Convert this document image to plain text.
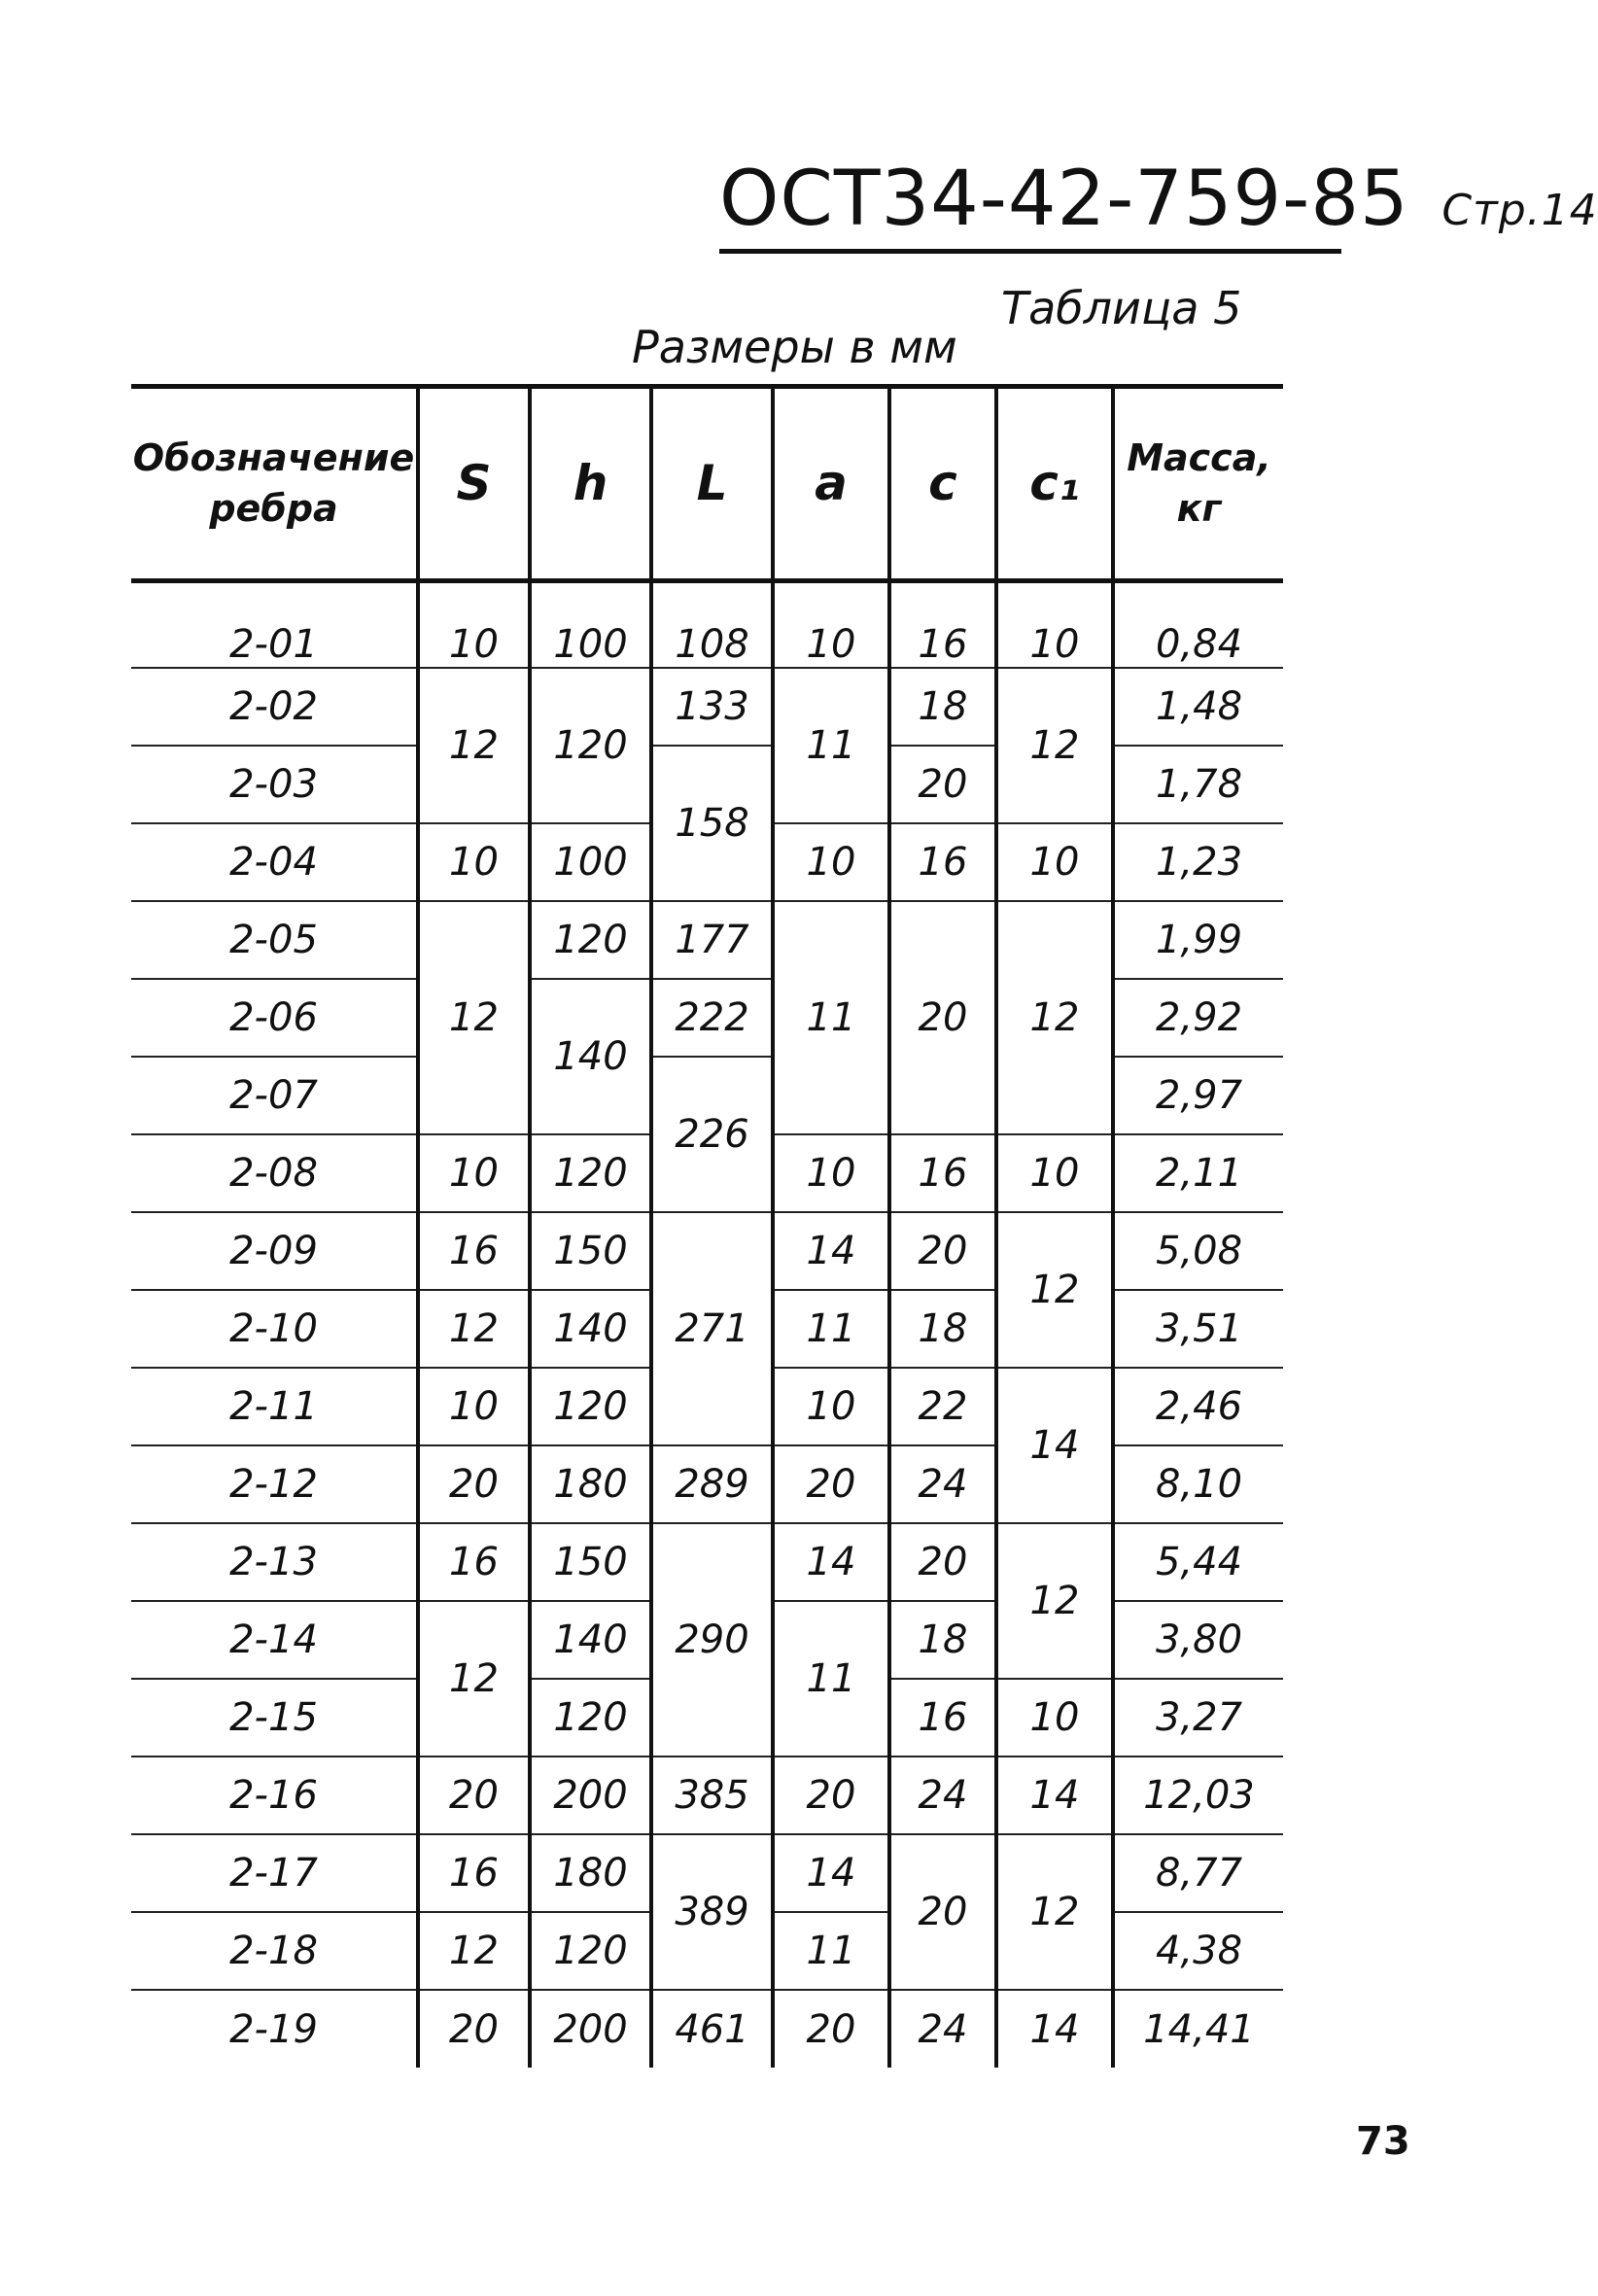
ОСТ34-42-759-85 Стр.14
Таблица 5
Размеры в мм
Обозначение ребра	S	h	L	a	c	c₁	Масса, кг
2-01	10	100	108	10	16	10	0,84
2-02	12	120	133	11	18	12	1,48
2-03			158		20		1,78
2-04	10	100		10	16	10	1,23
2-05	12	120	177	11	20	12	1,99
2-06		140	222				2,92
2-07			226				2,97
2-08	10	120		10	16	10	2,11
2-09	16	150	271	14	20	12	5,08
2-10	12	140		11	18		3,51
2-11	10	120		10	22	14	2,46
2-12	20	180	289	20	24		8,10
2-13	16	150	290	14	20	12	5,44
2-14	12	140		11	18		3,80
2-15		120			16	10	3,27
2-16	20	200	385	20	24	14	12,03
2-17	16	180	389	14	20	12	8,77
2-18	12	120		11			4,38
2-19	20	200	461	20	24	14	14,41
73
